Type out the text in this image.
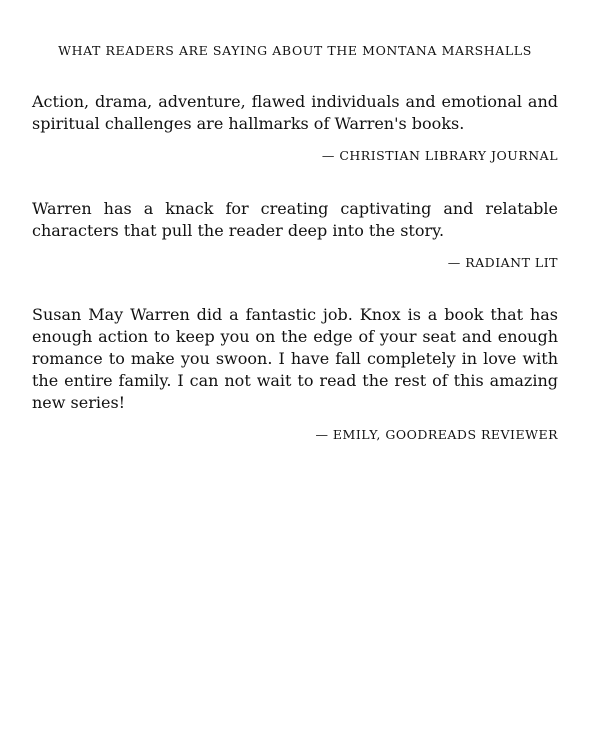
WHAT READERS ARE SAYING ABOUT THE MONTANA MARSHALLS

Action, drama, adventure, flawed individuals and emotional and spiritual challenges are hallmarks of Warren's books.

— CHRISTIAN LIBRARY JOURNAL

Warren has a knack for creating captivating and relatable characters that pull the reader deep into the story.

— RADIANT LIT

Susan May Warren did a fantastic job. Knox is a book that has enough action to keep you on the edge of your seat and enough romance to make you swoon. I have fall completely in love with the entire family. I can not wait to read the rest of this amazing new series!

— EMILY, GOODREADS REVIEWER
